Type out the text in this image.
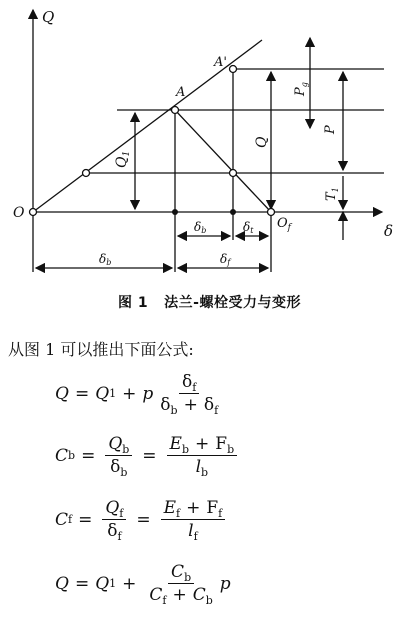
Q
δ
O
$O_f$
A
A'
$Q_1$
Q
$P_g$
P
$T_1$
δb	δt
δb	δf
图 1 法兰-螺栓受力与变形
从图 1 可以推出下面公式:
Q = Q 1 + p $\frac{\delta_f}{\delta_b + \delta_f}$
C $b = \frac{Q_b}{\delta_b} = \frac{E_b + F_b}{l_b}$
C $f = \frac{Q_f}{\delta_f} = \frac{E_f + F_f}{l_f}$
Q = Q $1 + \frac{C_b}{C_f + C_b}$ p
